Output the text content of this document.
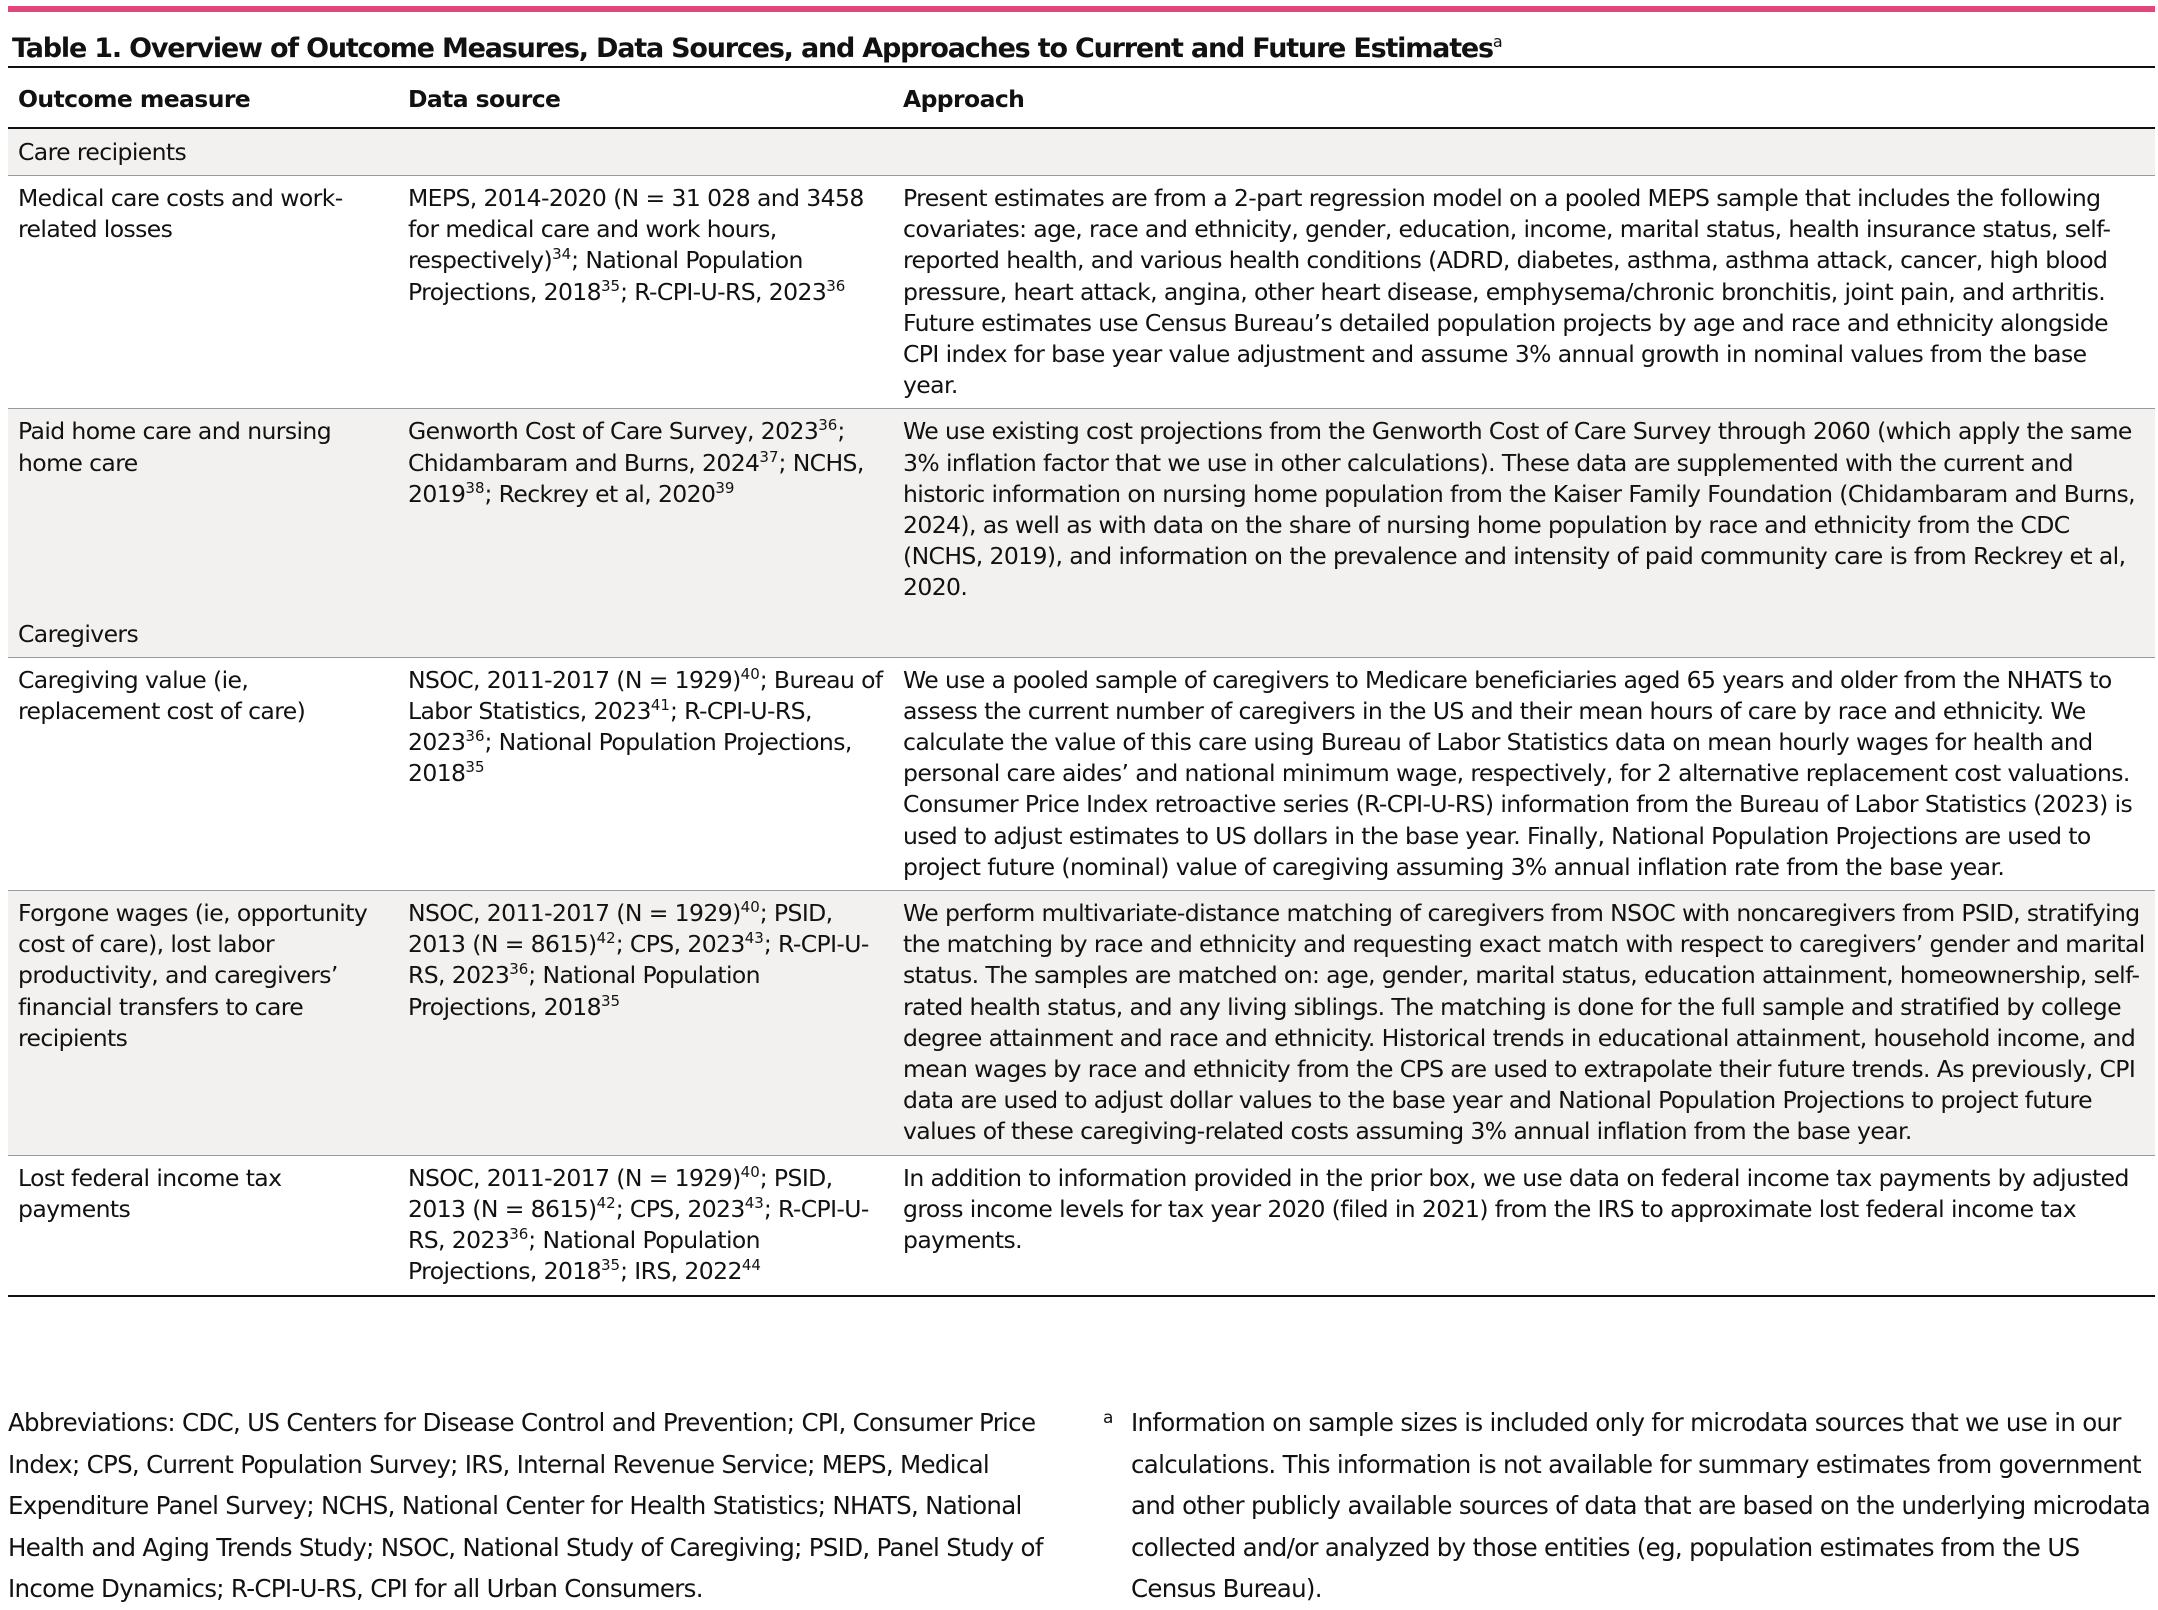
Table 1. Overview of Outcome Measures, Data Sources, and Approaches to Current and Future Estimates$^a$
Outcome measure	Data source	Approach
Care recipients		
Medical care costs and work-related losses	MEPS, 2014-2020 (N = 31 028 and 3458 for medical care and work hours, respectively)$^{34}$; National Population Projections, 2018$^{35}$; R-CPI-U-RS, 2023$^{36}$	Present estimates are from a 2-part regression model on a pooled MEPS sample that includes the following covariates: age, race and ethnicity, gender, education, income, marital status, health insurance status, self-reported health, and various health conditions (ADRD, diabetes, asthma, asthma attack, cancer, high blood pressure, heart attack, angina, other heart disease, emphysema/chronic bronchitis, joint pain, and arthritis. Future estimates use Census Bureau’s detailed population projects by age and race and ethnicity alongside CPI index for base year value adjustment and assume 3% annual growth in nominal values from the base year.
Paid home care and nursing home care	Genworth Cost of Care Survey, 2023$^{36}$; Chidambaram and Burns, 2024$^{37}$; NCHS, 2019$^{38}$; Reckrey et al, 2020$^{39}$	We use existing cost projections from the Genworth Cost of Care Survey through 2060 (which apply the same 3% inflation factor that we use in other calculations). These data are supplemented with the current and historic information on nursing home population from the Kaiser Family Foundation (Chidambaram and Burns, 2024), as well as with data on the share of nursing home population by race and ethnicity from the CDC (NCHS, 2019), and information on the prevalence and intensity of paid community care is from Reckrey et al, 2020.
Caregivers		
Caregiving value (ie, replacement cost of care)	NSOC, 2011-2017 (N = 1929)$^{40}$; Bureau of Labor Statistics, 2023$^{41}$; R-CPI-U-RS, 2023$^{36}$; National Population Projections, 2018$^{35}$	We use a pooled sample of caregivers to Medicare beneficiaries aged 65 years and older from the NHATS to assess the current number of caregivers in the US and their mean hours of care by race and ethnicity. We calculate the value of this care using Bureau of Labor Statistics data on mean hourly wages for health and personal care aides’ and national minimum wage, respectively, for 2 alternative replacement cost valuations. Consumer Price Index retroactive series (R-CPI-U-RS) information from the Bureau of Labor Statistics (2023) is used to adjust estimates to US dollars in the base year. Finally, National Population Projections are used to project future (nominal) value of caregiving assuming 3% annual inflation rate from the base year.
Forgone wages (ie, opportunity cost of care), lost labor productivity, and caregivers’ financial transfers to care recipients	NSOC, 2011-2017 (N = 1929)$^{40}$; PSID, 2013 (N = 8615)$^{42}$; CPS, 2023$^{43}$; R-CPI-U-RS, 2023$^{36}$; National Population Projections, 2018$^{35}$	We perform multivariate-distance matching of caregivers from NSOC with noncaregivers from PSID, stratifying the matching by race and ethnicity and requesting exact match with respect to caregivers’ gender and marital status. The samples are matched on: age, gender, marital status, education attainment, homeownership, self-rated health status, and any living siblings. The matching is done for the full sample and stratified by college degree attainment and race and ethnicity. Historical trends in educational attainment, household income, and mean wages by race and ethnicity from the CPS are used to extrapolate their future trends. As previously, CPI data are used to adjust dollar values to the base year and National Population Projections to project future values of these caregiving-related costs assuming 3% annual inflation from the base year.
Lost federal income tax payments	NSOC, 2011-2017 (N = 1929)$^{40}$; PSID, 2013 (N = 8615)$^{42}$; CPS, 2023$^{43}$; R-CPI-U-RS, 2023$^{36}$; National Population Projections, 2018$^{35}$; IRS, 2022$^{44}$	In addition to information provided in the prior box, we use data on federal income tax payments by adjusted gross income levels for tax year 2020 (filed in 2021) from the IRS to approximate lost federal income tax payments.
Abbreviations: CDC, US Centers for Disease Control and Prevention; CPI, Consumer Price Index; CPS, Current Population Survey; IRS, Internal Revenue Service; MEPS, Medical Expenditure Panel Survey; NCHS, National Center for Health Statistics; NHATS, National Health and Aging Trends Study; NSOC, National Study of Caregiving; PSID, Panel Study of Income Dynamics; R-CPI-U-RS, CPI for all Urban Consumers.
a Information on sample sizes is included only for microdata sources that we use in our calculations. This information is not available for summary estimates from government and other publicly available sources of data that are based on the underlying microdata collected and/or analyzed by those entities (eg, population estimates from the US Census Bureau).
